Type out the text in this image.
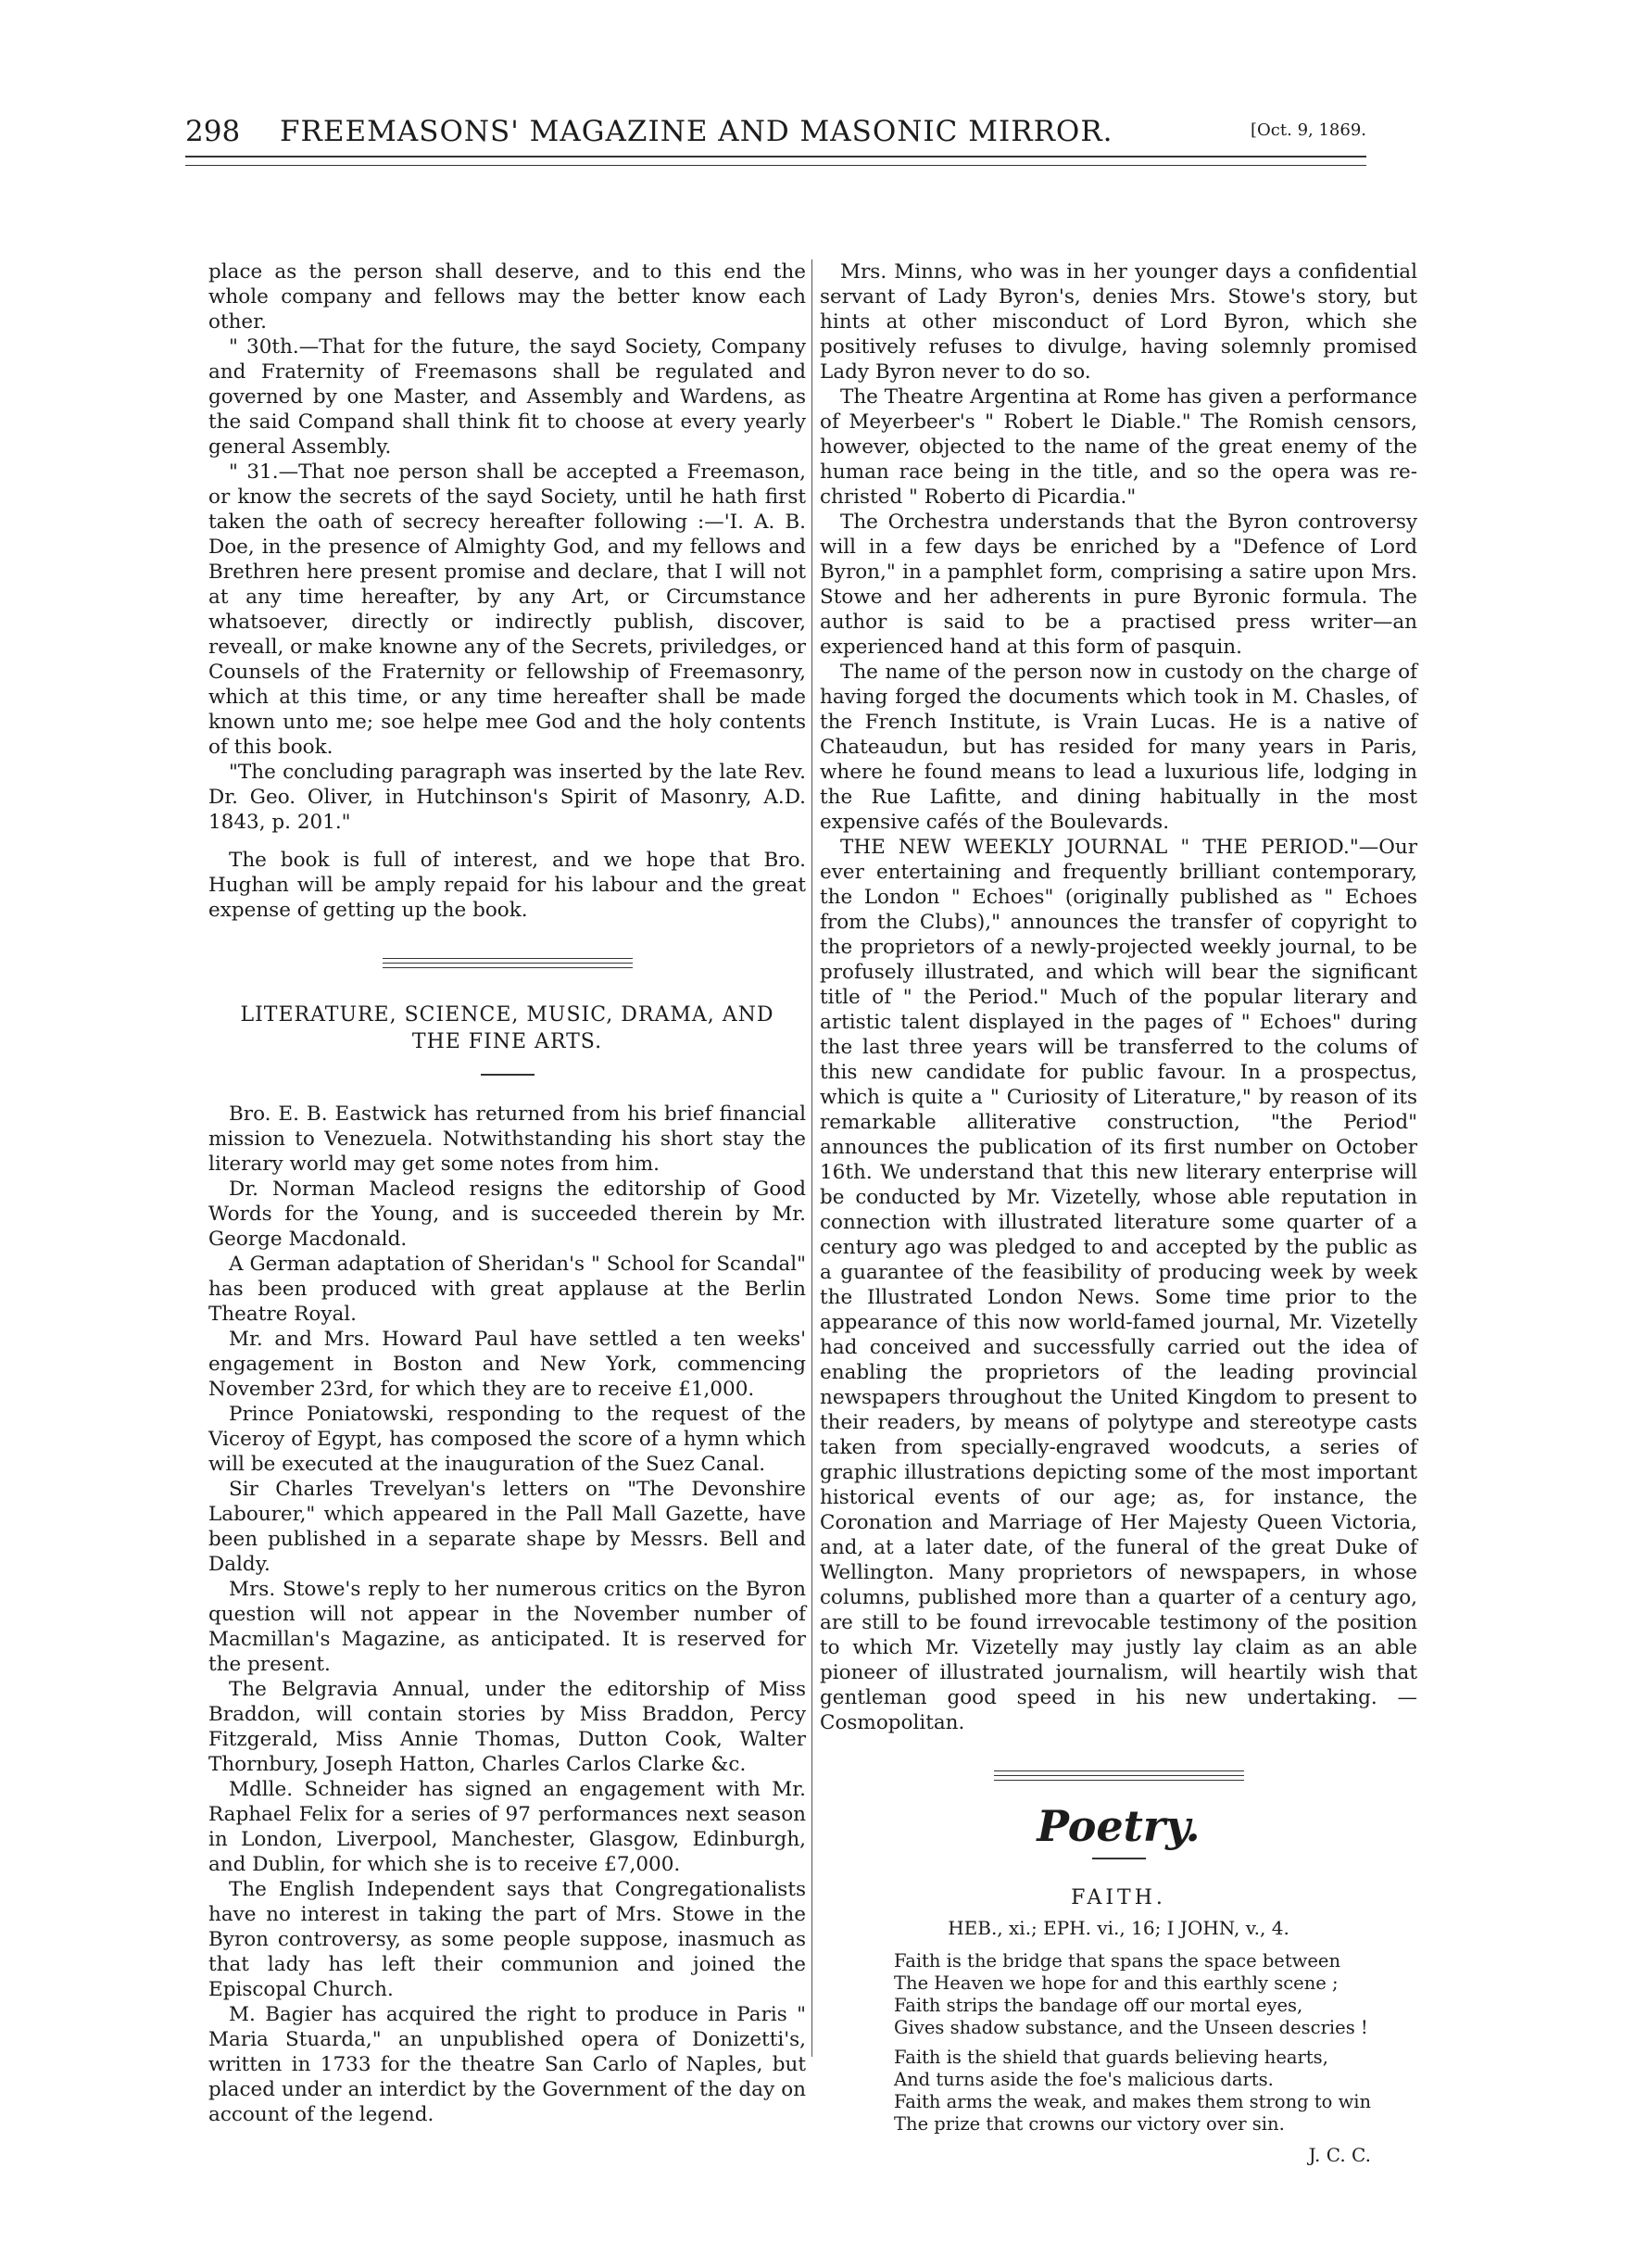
298 FREEMASONS' MAGAZINE AND MASONIC MIRROR.	[Oct. 9, 1869.

place as the person shall deserve, and to this end the whole company and fellows may the better know each other.

" 30th.—That for the future, the sayd Society, Company and Fraternity of Freemasons shall be regulated and governed by one Master, and Assembly and Wardens, as the said Compand shall think fit to choose at every yearly general Assembly.

" 31.—That noe person shall be accepted a Freemason, or know the secrets of the sayd Society, until he hath first taken the oath of secrecy hereafter following :—'I. A. B. Doe, in the presence of Almighty God, and my fellows and Brethren here present promise and declare, that I will not at any time hereafter, by any Art, or Circumstance whatsoever, directly or indirectly publish, discover, reveall, or make knowne any of the Secrets, priviledges, or Counsels of the Fraternity or fellowship of Freemasonry, which at this time, or any time hereafter shall be made known unto me; soe helpe mee God and the holy contents of this book.

"The concluding paragraph was inserted by the late Rev. Dr. Geo. Oliver, in Hutchinson's Spirit of Masonry, A.D. 1843, p. 201."

The book is full of interest, and we hope that Bro. Hughan will be amply repaid for his labour and the great expense of getting up the book.

LITERATURE, SCIENCE, MUSIC, DRAMA, AND THE FINE ARTS.

Bro. E. B. Eastwick has returned from his brief financial mission to Venezuela. Notwithstanding his short stay the literary world may get some notes from him.

Dr. Norman Macleod resigns the editorship of Good Words for the Young, and is succeeded therein by Mr. George Macdonald.

A German adaptation of Sheridan's " School for Scandal" has been produced with great applause at the Berlin Theatre Royal.

Mr. and Mrs. Howard Paul have settled a ten weeks' engagement in Boston and New York, commencing November 23rd, for which they are to receive £1,000.

Prince Poniatowski, responding to the request of the Viceroy of Egypt, has composed the score of a hymn which will be executed at the inauguration of the Suez Canal.

Sir Charles Trevelyan's letters on "The Devonshire Labourer," which appeared in the Pall Mall Gazette, have been published in a separate shape by Messrs. Bell and Daldy.

Mrs. Stowe's reply to her numerous critics on the Byron question will not appear in the November number of Macmillan's Magazine, as anticipated. It is reserved for the present.

The Belgravia Annual, under the editorship of Miss Braddon, will contain stories by Miss Braddon, Percy Fitzgerald, Miss Annie Thomas, Dutton Cook, Walter Thornbury, Joseph Hatton, Charles Carlos Clarke &c.

Mdlle. Schneider has signed an engagement with Mr. Raphael Felix for a series of 97 performances next season in London, Liverpool, Manchester, Glasgow, Edinburgh, and Dublin, for which she is to receive £7,000.

The English Independent says that Congregationalists have no interest in taking the part of Mrs. Stowe in the Byron controversy, as some people suppose, inasmuch as that lady has left their communion and joined the Episcopal Church.

M. Bagier has acquired the right to produce in Paris " Maria Stuarda," an unpublished opera of Donizetti's, written in 1733 for the theatre San Carlo of Naples, but placed under an interdict by the Government of the day on account of the legend.

Mrs. Minns, who was in her younger days a confidential servant of Lady Byron's, denies Mrs. Stowe's story, but hints at other misconduct of Lord Byron, which she positively refuses to divulge, having solemnly promised Lady Byron never to do so.

The Theatre Argentina at Rome has given a performance of Meyerbeer's " Robert le Diable." The Romish censors, however, objected to the name of the great enemy of the human race being in the title, and so the opera was re-christed " Roberto di Picardia."

The Orchestra understands that the Byron controversy will in a few days be enriched by a "Defence of Lord Byron," in a pamphlet form, comprising a satire upon Mrs. Stowe and her adherents in pure Byronic formula. The author is said to be a practised press writer—an experienced hand at this form of pasquin.

The name of the person now in custody on the charge of having forged the documents which took in M. Chasles, of the French Institute, is Vrain Lucas. He is a native of Chateaudun, but has resided for many years in Paris, where he found means to lead a luxurious life, lodging in the Rue Lafitte, and dining habitually in the most expensive cafés of the Boulevards.

THE NEW WEEKLY JOURNAL " THE PERIOD."—Our ever entertaining and frequently brilliant contemporary, the London " Echoes" (originally published as " Echoes from the Clubs)," announces the transfer of copyright to the proprietors of a newly-projected weekly journal, to be profusely illustrated, and which will bear the significant title of " the Period." Much of the popular literary and artistic talent displayed in the pages of " Echoes" during the last three years will be transferred to the colums of this new candidate for public favour. In a prospectus, which is quite a " Curiosity of Literature," by reason of its remarkable alliterative construction, "the Period" announces the publication of its first number on October 16th. We understand that this new literary enterprise will be conducted by Mr. Vizetelly, whose able reputation in connection with illustrated literature some quarter of a century ago was pledged to and accepted by the public as a guarantee of the feasibility of producing week by week the Illustrated London News. Some time prior to the appearance of this now world-famed journal, Mr. Vizetelly had conceived and successfully carried out the idea of enabling the proprietors of the leading provincial newspapers throughout the United Kingdom to present to their readers, by means of polytype and stereotype casts taken from specially-engraved woodcuts, a series of graphic illustrations depicting some of the most important historical events of our age; as, for instance, the Coronation and Marriage of Her Majesty Queen Victoria, and, at a later date, of the funeral of the great Duke of Wellington. Many proprietors of newspapers, in whose columns, published more than a quarter of a century ago, are still to be found irrevocable testimony of the position to which Mr. Vizetelly may justly lay claim as an able pioneer of illustrated journalism, will heartily wish that gentleman good speed in his new undertaking. —Cosmopolitan.

Poetry.
FAITH.
HEB., xi.; EPH. vi., 16; I JOHN, v., 4.
Faith is the bridge that spans the space between
The Heaven we hope for and this earthly scene ;
Faith strips the bandage off our mortal eyes,
Gives shadow substance, and the Unseen descries !
Faith is the shield that guards believing hearts,
And turns aside the foe's malicious darts.
Faith arms the weak, and makes them strong to win
The prize that crowns our victory over sin.
J. C. C.
